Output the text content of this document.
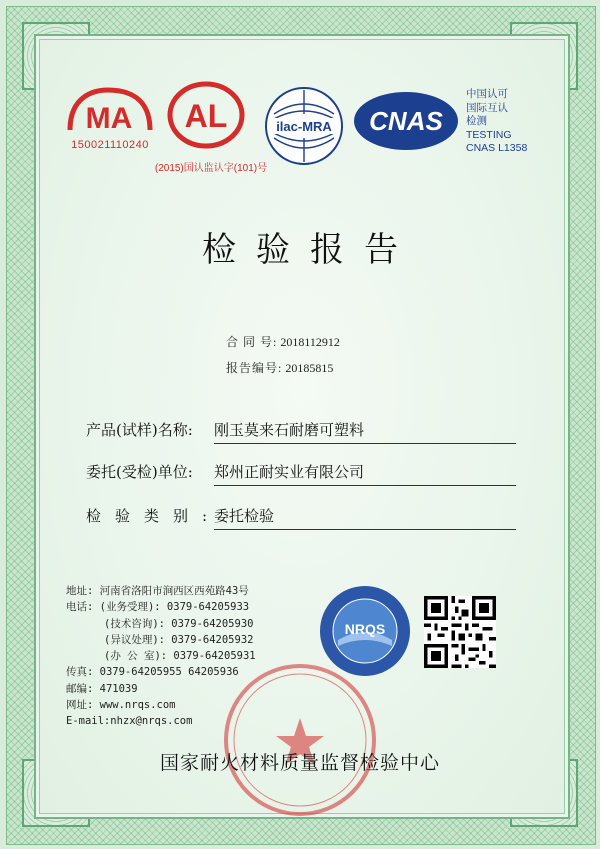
MA
150021110240
AL
(2015)国认监认字(101)号
ilac-MRA CNAS
中国认可
国际互认
检测
TESTING
CNAS L1358
检验报告
合 同 号: 2018112912
报告编号: 20185815
产品(试样)名称: 刚玉莫来石耐磨可塑料
委托(受检)单位: 郑州正耐实业有限公司
检验类别:
委托检验
地址: 河南省洛阳市涧西区西苑路43号
电话: (业务受理): 0379-64205933
(技术咨询): 0379-64205930
(异议处理): 0379-64205932
(办 公 室): 0379-64205931
传真: 0379-64205955 64205936
邮编: 471039
网址: www.nrqs.com
E-mail:nhzx@nrqs.com
NRQS
国家耐火材料质量监督检验中心
